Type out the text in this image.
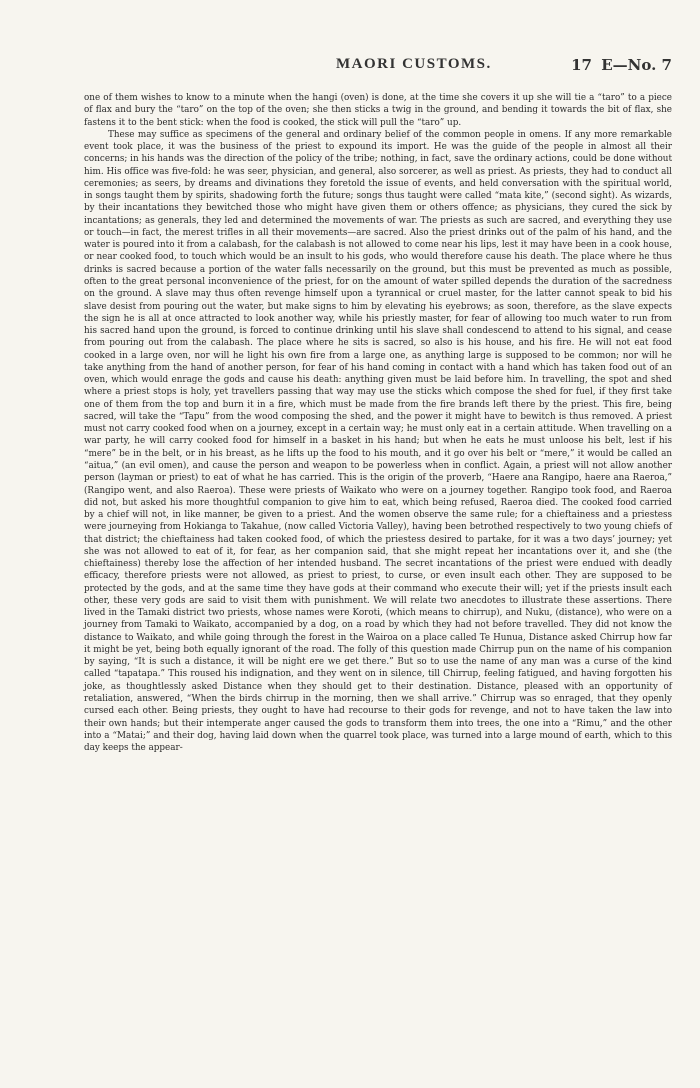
MAORI CUSTOMS.	17 E—No. 7

one of them wishes to know to a minute when the hangi (oven) is done, at the time she covers it up she will tie a “taro” to a piece of flax and bury the “taro” on the top of the oven; she then sticks a twig in the ground, and bending it towards the bit of flax, she fastens it to the bent stick: when the food is cooked, the stick will pull the “taro” up.

These may suffice as specimens of the general and ordinary belief of the common people in omens. If any more remarkable event took place, it was the business of the priest to expound its import. He was the guide of the people in almost all their concerns; in his hands was the direction of the policy of the tribe; nothing, in fact, save the ordinary actions, could be done without him. His office was five-fold: he was seer, physician, and general, also sorcerer, as well as priest. As priests, they had to conduct all ceremonies; as seers, by dreams and divinations they foretold the issue of events, and held conversation with the spiritual world, in songs taught them by spirits, shadowing forth the future; songs thus taught were called “mata kite,” (second sight). As wizards, by their incantations they bewitched those who might have given them or others offence; as physicians, they cured the sick by incantations; as generals, they led and determined the movements of war. The priests as such are sacred, and everything they use or touch—in fact, the merest trifles in all their movements—are sacred. Also the priest drinks out of the palm of his hand, and the water is poured into it from a calabash, for the calabash is not allowed to come near his lips, lest it may have been in a cook house, or near cooked food, to touch which would be an insult to his gods, who would therefore cause his death. The place where he thus drinks is sacred because a portion of the water falls necessarily on the ground, but this must be prevented as much as possible, often to the great personal inconvenience of the priest, for on the amount of water spilled depends the duration of the sacredness on the ground. A slave may thus often revenge himself upon a tyrannical or cruel master, for the latter cannot speak to bid his slave desist from pouring out the water, but make signs to him by elevating his eyebrows; as soon, therefore, as the slave expects the sign he is all at once attracted to look another way, while his priestly master, for fear of allowing too much water to run from his sacred hand upon the ground, is forced to continue drinking until his slave shall condescend to attend to his signal, and cease from pouring out from the calabash. The place where he sits is sacred, so also is his house, and his fire. He will not eat food cooked in a large oven, nor will he light his own fire from a large one, as anything large is supposed to be common; nor will he take anything from the hand of another person, for fear of his hand coming in contact with a hand which has taken food out of an oven, which would enrage the gods and cause his death: anything given must be laid before him. In travelling, the spot and shed where a priest stops is holy, yet travellers passing that way may use the sticks which compose the shed for fuel, if they first take one of them from the top and burn it in a fire, which must be made from the fire brands left there by the priest. This fire, being sacred, will take the “Tapu” from the wood composing the shed, and the power it might have to bewitch is thus removed. A priest must not carry cooked food when on a journey, except in a certain way; he must only eat in a certain attitude. When travelling on a war party, he will carry cooked food for himself in a basket in his hand; but when he eats he must unloose his belt, lest if his “mere” be in the belt, or in his breast, as he lifts up the food to his mouth, and it go over his belt or “mere,” it would be called an “aitua,” (an evil omen), and cause the person and weapon to be powerless when in conflict. Again, a priest will not allow another person (layman or priest) to eat of what he has carried. This is the origin of the proverb, “Haere ana Rangipo, haere ana Raeroa,” (Rangipo went, and also Raeroa). These were priests of Waikato who were on a journey together. Rangipo took food, and Raeroa did not, but asked his more thoughtful companion to give him to eat, which being refused, Raeroa died. The cooked food carried by a chief will not, in like manner, be given to a priest. And the women observe the same rule; for a chieftainess and a priestess were journeying from Hokianga to Takahue, (now called Victoria Valley), having been betrothed respectively to two young chiefs of that district; the chieftainess had taken cooked food, of which the priestess desired to partake, for it was a two days’ journey; yet she was not allowed to eat of it, for fear, as her companion said, that she might repeat her incantations over it, and she (the chieftainess) thereby lose the affection of her intended husband. The secret incantations of the priest were endued with deadly efficacy, therefore priests were not allowed, as priest to priest, to curse, or even insult each other. They are supposed to be protected by the gods, and at the same time they have gods at their command who execute their will; yet if the priests insult each other, these very gods are said to visit them with punishment. We will relate two anecdotes to illustrate these assertions. There lived in the Tamaki district two priests, whose names were Koroti, (which means to chirrup), and Nuku, (distance), who were on a journey from Tamaki to Waikato, accompanied by a dog, on a road by which they had not before travelled. They did not know the distance to Waikato, and while going through the forest in the Wairoa on a place called Te Hunua, Distance asked Chirrup how far it might be yet, being both equally ignorant of the road. The folly of this question made Chirrup pun on the name of his companion by saying, “It is such a distance, it will be night ere we get there.” But so to use the name of any man was a curse of the kind called “tapatapa.” This roused his indignation, and they went on in silence, till Chirrup, feeling fatigued, and having forgotten his joke, as thoughtlessly asked Distance when they should get to their destination. Distance, pleased with an opportunity of retaliation, answered, “When the birds chirrup in the morning, then we shall arrive.” Chirrup was so enraged, that they openly cursed each other. Being priests, they ought to have had recourse to their gods for revenge, and not to have taken the law into their own hands; but their intemperate anger caused the gods to transform them into trees, the one into a “Rimu,” and the other into a “Matai;” and their dog, having laid down when the quarrel took place, was turned into a large mound of earth, which to this day keeps the appear-
